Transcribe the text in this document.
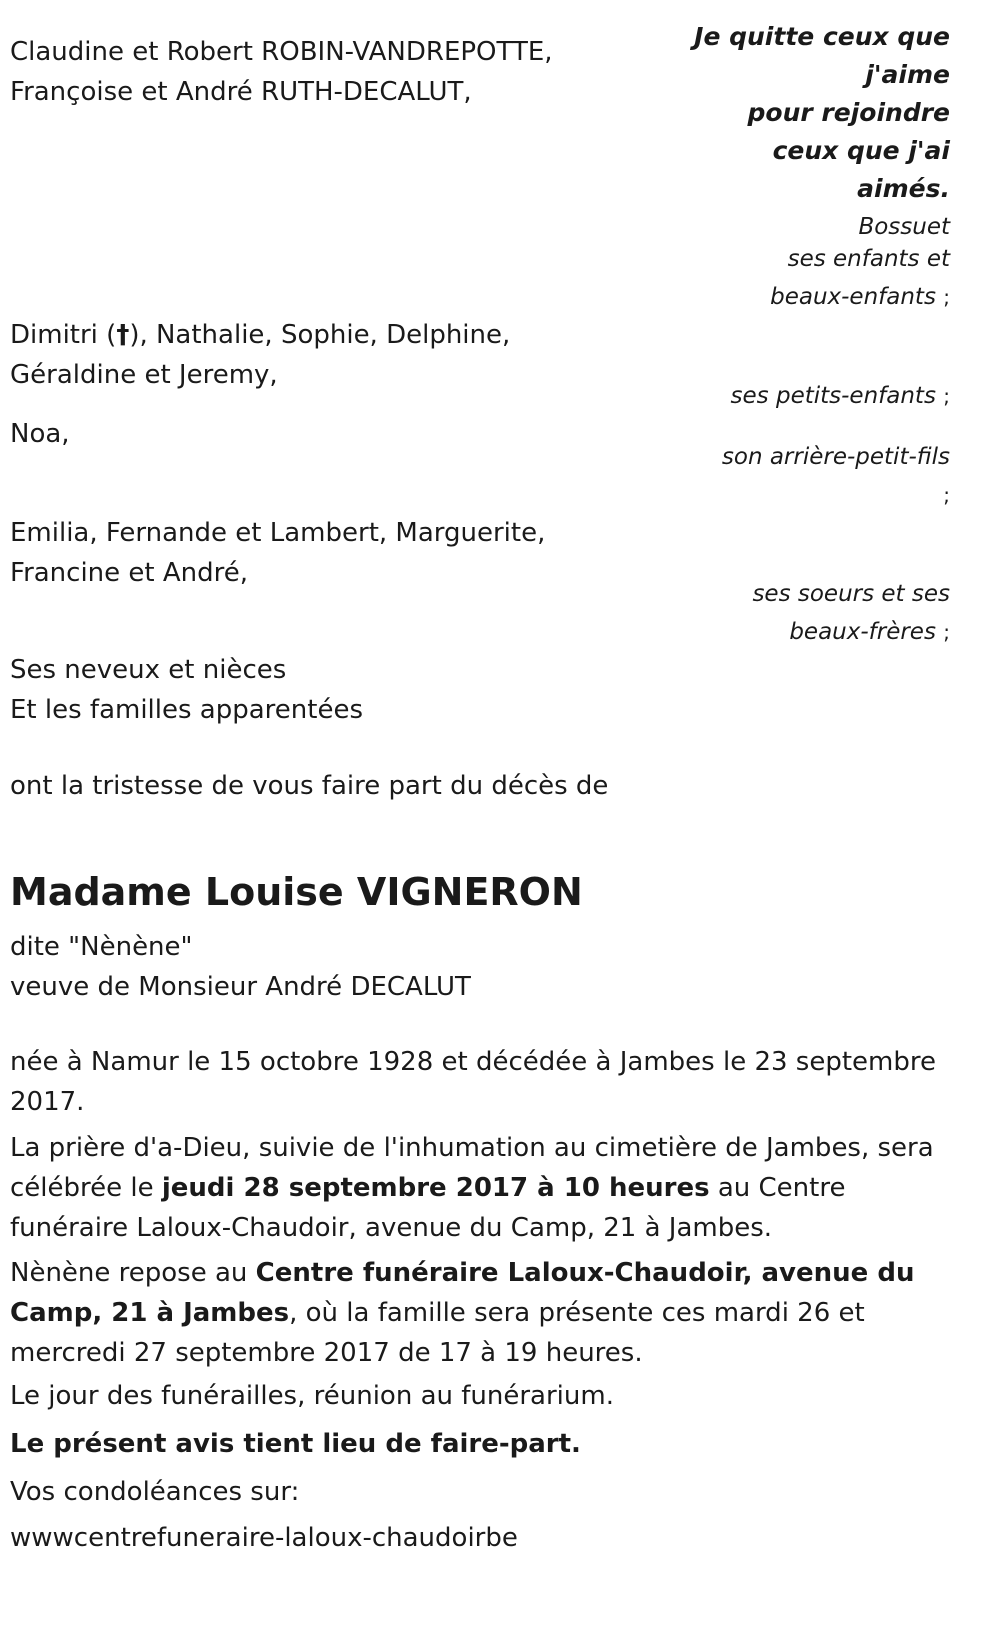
Je quitte ceux que
j'aime
pour rejoindre
ceux que j'ai
aimés.
Bossuet
Claudine et Robert ROBIN-VANDREPOTTE,
Françoise et André RUTH-DECALUT,
ses enfants et
beaux-enfants ;
Dimitri (†), Nathalie, Sophie, Delphine,
Géraldine et Jeremy,
ses petits-enfants ;
Noa,
son arrière-petit-fils
;
Emilia, Fernande et Lambert, Marguerite,
Francine et André,
ses soeurs et ses
beaux-frères ;
Ses neveux et nièces
Et les familles apparentées
ont la tristesse de vous faire part du décès de
Madame Louise VIGNERON
dite "Nènène"
veuve de Monsieur André DECALUT

née à Namur le 15 octobre 1928 et décédée à Jambes le 23 septembre 2017.

La prière d'a-Dieu, suivie de l'inhumation au cimetière de Jambes, sera célébrée le jeudi 28 septembre 2017 à 10 heures au Centre funéraire Laloux-Chaudoir, avenue du Camp, 21 à Jambes.

Nènène repose au Centre funéraire Laloux-Chaudoir, avenue du Camp, 21 à Jambes, où la famille sera présente ces mardi 26 et mercredi 27 septembre 2017 de 17 à 19 heures.

Le jour des funérailles, réunion au funérarium.

Le présent avis tient lieu de faire-part.

Vos condoléances sur:

wwwcentrefuneraire-laloux-chaudoirbe
